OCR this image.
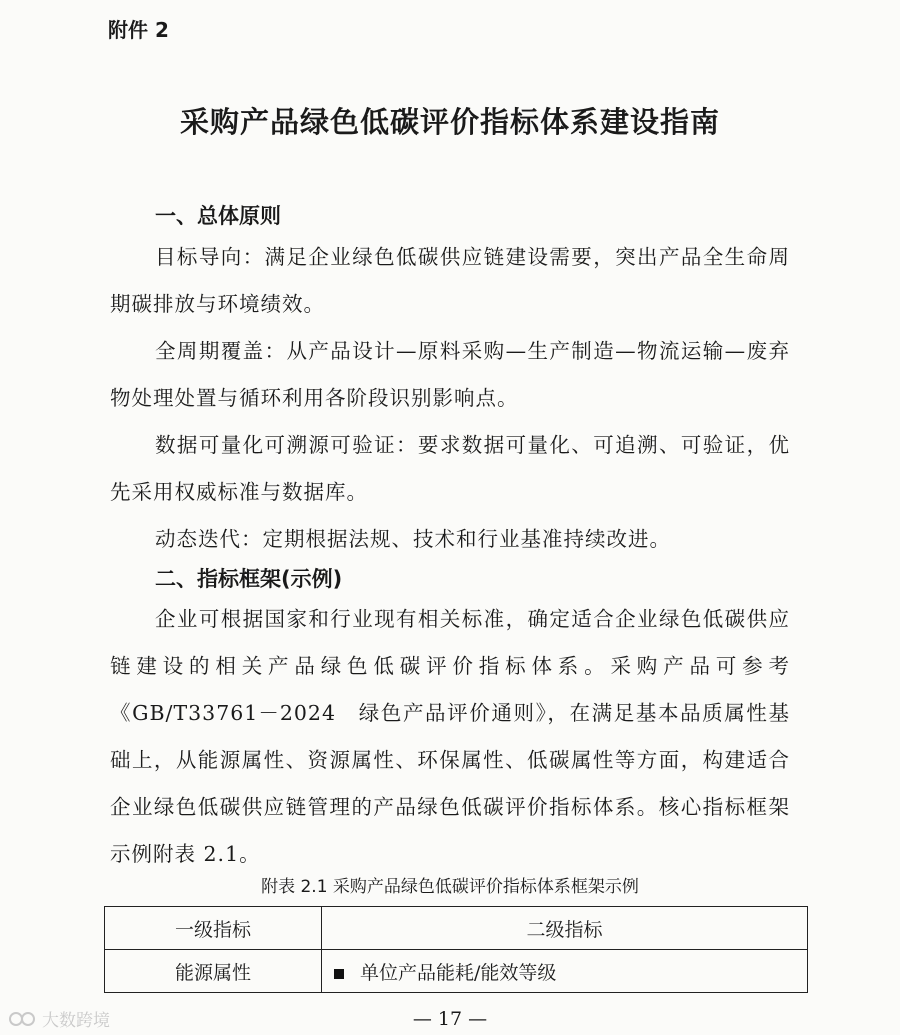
附件 2
采购产品绿色低碳评价指标体系建设指南
一、总体原则
目标导向：满足企业绿色低碳供应链建设需要，突出产品全生命周期碳排放与环境绩效。
全周期覆盖：从产品设计—原料采购—生产制造—物流运输—废弃物处理处置与循环利用各阶段识别影响点。
数据可量化可溯源可验证：要求数据可量化、可追溯、可验证，优先采用权威标准与数据库。
动态迭代：定期根据法规、技术和行业基准持续改进。
二、指标框架(示例)
企业可根据国家和行业现有相关标准，确定适合企业绿色低碳供应链建设的相关产品绿色低碳评价指标体系。采购产品可参考《GB/T33761－2024　绿色产品评价通则》，在满足基本品质属性基础上，从能源属性、资源属性、环保属性、低碳属性等方面，构建适合企业绿色低碳供应链管理的产品绿色低碳评价指标体系。核心指标框架示例附表 2.1。
附表 2.1 采购产品绿色低碳评价指标体系框架示例
一级指标	二级指标
能源属性	单位产品能耗/能效等级
— 17 —
大数跨境
